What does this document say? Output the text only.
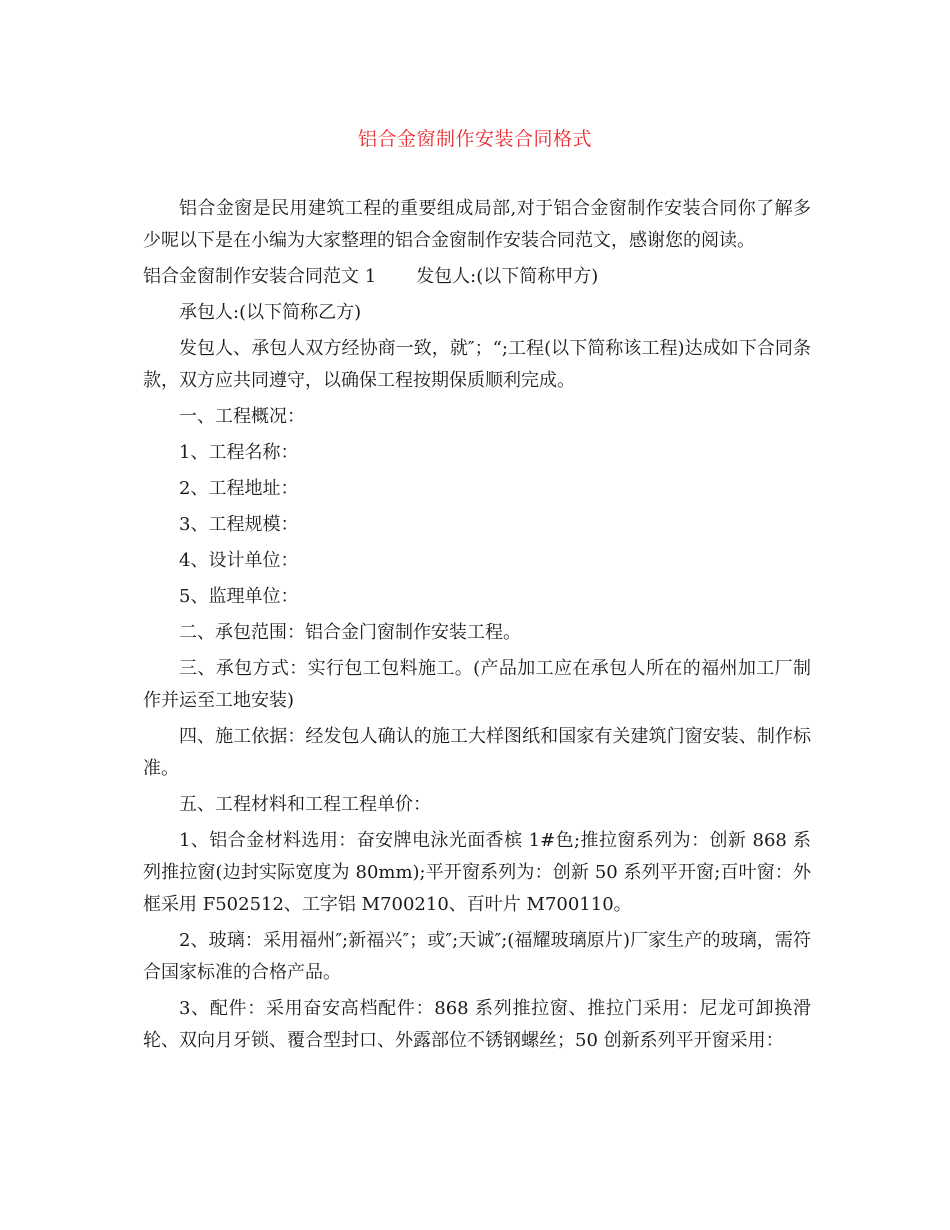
铝合金窗制作安装合同格式

铝合金窗是民用建筑工程的重要组成局部,对于铝合金窗制作安装合同你了解多少呢以下是在小编为大家整理的铝合金窗制作安装合同范文，感谢您的阅读。

铝合金窗制作安装合同范文 1 发包人:(以下简称甲方)

承包人:(以下简称乙方)

发包人、承包人双方经协商一致，就″；“;工程(以下简称该工程)达成如下合同条款，双方应共同遵守，以确保工程按期保质顺利完成。

一、工程概况：

1、工程名称：

2、工程地址：

3、工程规模：

4、设计单位：

5、监理单位：

二、承包范围：铝合金门窗制作安装工程。

三、承包方式：实行包工包料施工。(产品加工应在承包人所在的福州加工厂制作并运至工地安装)

四、施工依据：经发包人确认的施工大样图纸和国家有关建筑门窗安装、制作标准。

五、工程材料和工程工程单价：

1、铝合金材料选用：奋安牌电泳光面香槟 1#色;推拉窗系列为：创新 868 系列推拉窗(边封实际宽度为 80mm);平开窗系列为：创新 50 系列平开窗;百叶窗：外框采用 F502512、工字铝 M700210、百叶片 M700110。

2、玻璃：采用福州″;新福兴″；或″;天诚″;(福耀玻璃原片)厂家生产的玻璃，需符合国家标准的合格产品。

3、配件：采用奋安高档配件：868 系列推拉窗、推拉门采用：尼龙可卸换滑轮、双向月牙锁、覆合型封口、外露部位不锈钢螺丝；50 创新系列平开窗采用：
